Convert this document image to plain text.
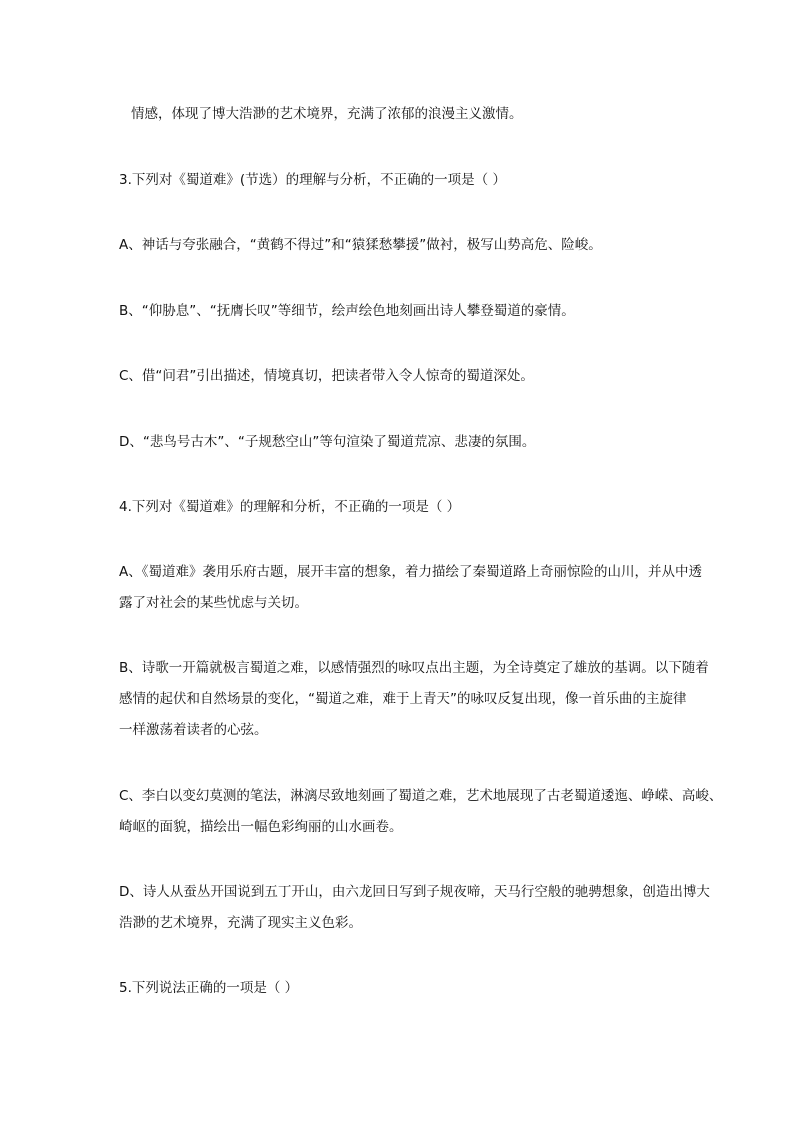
情感，体现了博大浩渺的艺术境界，充满了浓郁的浪漫主义激情。
3.下列对《蜀道难》(节选）的理解与分析，不正确的一项是（ ）
A、神话与夸张融合，“黄鹤不得过”和“猿猱愁攀援”做衬，极写山势高危、险峻。
B、“仰胁息”、“抚膺长叹”等细节，绘声绘色地刻画出诗人攀登蜀道的豪情。
C、借“问君”引出描述，情境真切，把读者带入令人惊奇的蜀道深处。
D、“悲鸟号古木”、“子规愁空山”等句渲染了蜀道荒凉、悲凄的氛围。
4.下列对《蜀道难》的理解和分析，不正确的一项是（ ）
A、《蜀道难》袭用乐府古题，展开丰富的想象，着力描绘了秦蜀道路上奇丽惊险的山川，并从中透
露了对社会的某些忧虑与关切。
B、诗歌一开篇就极言蜀道之难，以感情强烈的咏叹点出主题，为全诗奠定了雄放的基调。以下随着
感情的起伏和自然场景的变化，“蜀道之难，难于上青天”的咏叹反复出现，像一首乐曲的主旋律
一样激荡着读者的心弦。
C、李白以变幻莫测的笔法，淋漓尽致地刻画了蜀道之难，艺术地展现了古老蜀道逶迤、峥嵘、高峻、
崎岖的面貌，描绘出一幅色彩绚丽的山水画卷。
D、诗人从蚕丛开国说到五丁开山，由六龙回日写到子规夜啼，天马行空般的驰骋想象，创造出博大
浩渺的艺术境界，充满了现实主义色彩。
5.下列说法正确的一项是（ ）
